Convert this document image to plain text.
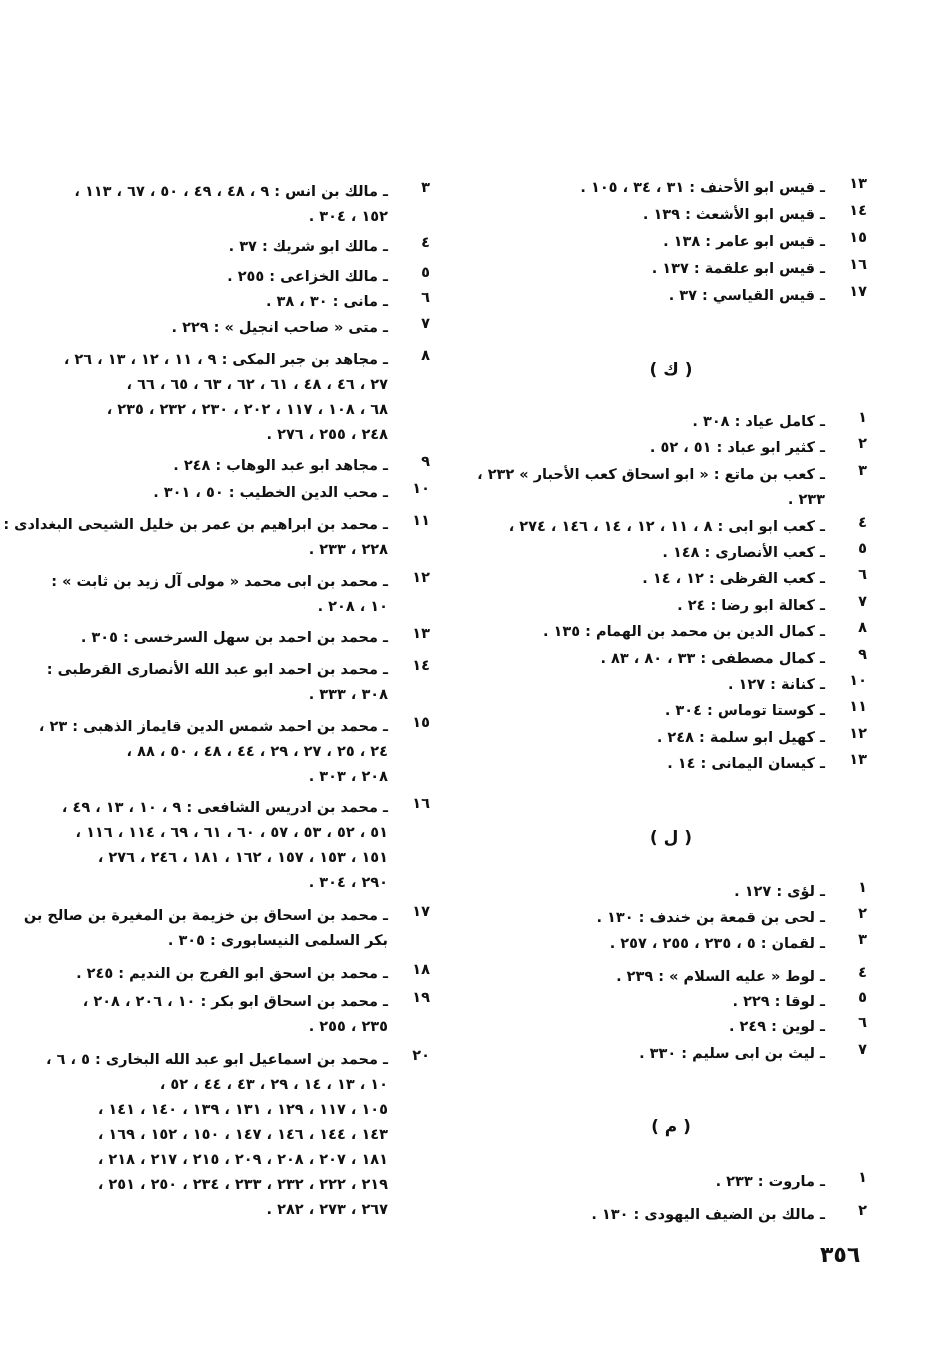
١٣
ـ قيس ابو الأحنف : ٣١ ، ٣٤ ، ١٠٥ .
١٤
ـ قيس ابو الأشعث : ١٣٩ .
١٥
ـ قيس ابو عامر : ١٣٨ .
١٦
ـ قيس ابو علقمة : ١٣٧ .
١٧
ـ قيس القياسي : ٣٧ .
( ك )
١
ـ كامل عياد : ٣٠٨ .
٢
ـ كثير ابو عباد : ٥١ ، ٥٢ .
٣
ـ كعب بن ماتع : « ابو اسحاق كعب الأحبار » ٢٣٢ ،
٢٣٣ .
٤
ـ كعب ابو ابى : ٨ ، ١١ ، ١٢ ، ١٤ ، ١٤٦ ، ٢٧٤ ،
٥
ـ كعب الأنصارى : ١٤٨ .
٦
ـ كعب القرظى : ١٢ ، ١٤ .
٧
ـ كعالة ابو رضا : ٢٤ .
٨
ـ كمال الدين بن محمد بن الهمام : ١٣٥ .
٩
ـ كمال مصطفى : ٣٣ ، ٨٠ ، ٨٣ .
١٠
ـ كنانة : ١٢٧ .
١١
ـ كوستا توماس : ٣٠٤ .
١٢
ـ كهيل ابو سلمة : ٢٤٨ .
١٣
ـ كيسان اليمانى : ١٤ .
( ل )
١
ـ لؤى : ١٢٧ .
٢
ـ لحى بن قمعة بن خندف : ١٣٠ .
٣
ـ لقمان : ٥ ، ٢٣٥ ، ٢٥٥ ، ٢٥٧ .
٤
ـ لوط « عليه السلام » : ٢٣٩ .
٥
ـ لوقا : ٢٢٩ .
٦
ـ لوين : ٢٤٩ .
٧
ـ ليث بن ابى سليم : ٣٣٠ .
( م )
١
ـ ماروت : ٢٣٣ .
٢
ـ مالك بن الضيف اليهودى : ١٣٠ .
٣
ـ مالك بن انس : ٩ ، ٤٨ ، ٤٩ ، ٥٠ ، ٦٧ ، ١١٣ ،
١٥٢ ، ٣٠٤ .
٤
ـ مالك ابو شريك : ٣٧ .
٥
ـ مالك الخزاعى : ٢٥٥ .
٦
ـ مانى : ٣٠ ، ٣٨ .
٧
ـ متى « صاحب انجيل » : ٢٢٩ .
٨
ـ مجاهد بن جبر المكى : ٩ ، ١١ ، ١٢ ، ١٣ ، ٢٦ ،
٢٧ ، ٤٦ ، ٤٨ ، ٦١ ، ٦٢ ، ٦٣ ، ٦٥ ، ٦٦ ،
٦٨ ، ١٠٨ ، ١١٧ ، ٢٠٢ ، ٢٣٠ ، ٢٣٢ ، ٢٣٥ ،
٢٤٨ ، ٢٥٥ ، ٢٧٦ .
٩
ـ مجاهد ابو عبد الوهاب : ٢٤٨ .
١٠
ـ محب الدين الخطيب : ٥٠ ، ٣٠١ .
١١
ـ محمد بن ابراهيم بن عمر بن خليل الشيحى البغدادى :
٢٢٨ ، ٢٣٣ .
١٢
ـ محمد بن ابى محمد « مولى آل زيد بن ثابت » :
١٠ ، ٢٠٨ .
١٣
ـ محمد بن احمد بن سهل السرخسى : ٣٠٥ .
١٤
ـ محمد بن احمد ابو عبد الله الأنصارى القرطبى :
٣٠٨ ، ٣٣٣ .
١٥
ـ محمد بن احمد شمس الدين قايماز الذهبى : ٢٣ ،
٢٤ ، ٢٥ ، ٢٧ ، ٢٩ ، ٤٤ ، ٤٨ ، ٥٠ ، ٨٨ ،
٢٠٨ ، ٣٠٣ .
١٦
ـ محمد بن ادريس الشافعى : ٩ ، ١٠ ، ١٣ ، ٤٩ ،
٥١ ، ٥٢ ، ٥٣ ، ٥٧ ، ٦٠ ، ٦١ ، ٦٩ ، ١١٤ ، ١١٦ ،
١٥١ ، ١٥٣ ، ١٥٧ ، ١٦٢ ، ١٨١ ، ٢٤٦ ، ٢٧٦ ،
٢٩٠ ، ٣٠٤ .
١٧
ـ محمد بن اسحاق بن خزيمة بن المغيرة بن صالح بن
بكر السلمى النيسابورى : ٣٠٥ .
١٨
ـ محمد بن اسحق ابو الفرج بن النديم : ٢٤٥ .
١٩
ـ محمد بن اسحاق ابو بكر : ١٠ ، ٢٠٦ ، ٢٠٨ ،
٢٣٥ ، ٢٥٥ .
٢٠
ـ محمد بن اسماعيل ابو عبد الله البخارى : ٥ ، ٦ ،
١٠ ، ١٣ ، ١٤ ، ٢٩ ، ٤٣ ، ٤٤ ، ٥٢ ،
١٠٥ ، ١١٧ ، ١٢٩ ، ١٣١ ، ١٣٩ ، ١٤٠ ، ١٤١ ،
١٤٣ ، ١٤٤ ، ١٤٦ ، ١٤٧ ، ١٥٠ ، ١٥٢ ، ١٦٩ ،
١٨١ ، ٢٠٧ ، ٢٠٨ ، ٢٠٩ ، ٢١٥ ، ٢١٧ ، ٢١٨ ،
٢١٩ ، ٢٢٢ ، ٢٣٢ ، ٢٣٣ ، ٢٣٤ ، ٢٥٠ ، ٢٥١ ،
٢٦٧ ، ٢٧٣ ، ٢٨٢ .
٣٥٦
